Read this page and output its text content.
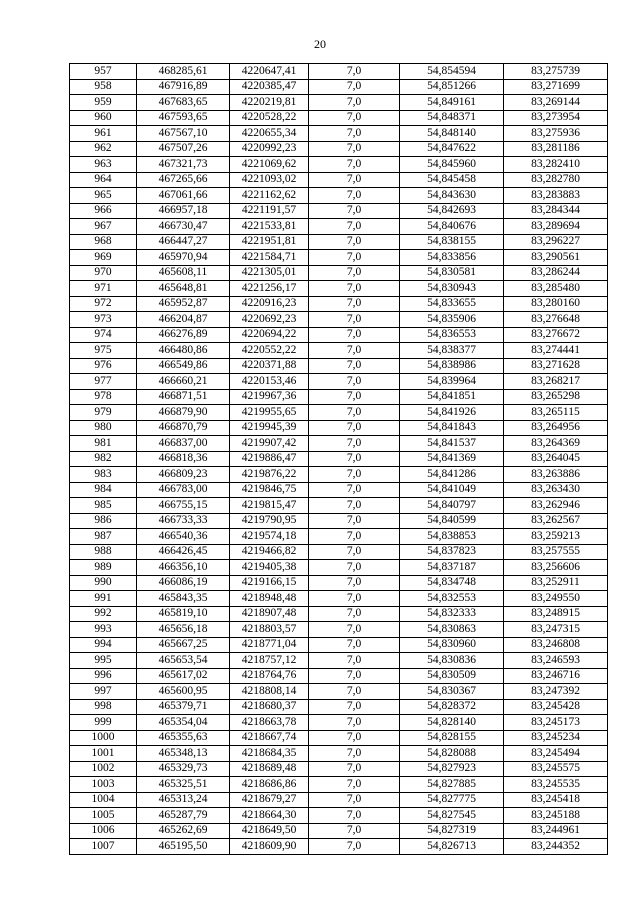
20
957	468285,61	4220647,41	7,0	54,854594	83,275739
958	467916,89	4220385,47	7,0	54,851266	83,271699
959	467683,65	4220219,81	7,0	54,849161	83,269144
960	467593,65	4220528,22	7,0	54,848371	83,273954
961	467567,10	4220655,34	7,0	54,848140	83,275936
962	467507,26	4220992,23	7,0	54,847622	83,281186
963	467321,73	4221069,62	7,0	54,845960	83,282410
964	467265,66	4221093,02	7,0	54,845458	83,282780
965	467061,66	4221162,62	7,0	54,843630	83,283883
966	466957,18	4221191,57	7,0	54,842693	83,284344
967	466730,47	4221533,81	7,0	54,840676	83,289694
968	466447,27	4221951,81	7,0	54,838155	83,296227
969	465970,94	4221584,71	7,0	54,833856	83,290561
970	465608,11	4221305,01	7,0	54,830581	83,286244
971	465648,81	4221256,17	7,0	54,830943	83,285480
972	465952,87	4220916,23	7,0	54,833655	83,280160
973	466204,87	4220692,23	7,0	54,835906	83,276648
974	466276,89	4220694,22	7,0	54,836553	83,276672
975	466480,86	4220552,22	7,0	54,838377	83,274441
976	466549,86	4220371,88	7,0	54,838986	83,271628
977	466660,21	4220153,46	7,0	54,839964	83,268217
978	466871,51	4219967,36	7,0	54,841851	83,265298
979	466879,90	4219955,65	7,0	54,841926	83,265115
980	466870,79	4219945,39	7,0	54,841843	83,264956
981	466837,00	4219907,42	7,0	54,841537	83,264369
982	466818,36	4219886,47	7,0	54,841369	83,264045
983	466809,23	4219876,22	7,0	54,841286	83,263886
984	466783,00	4219846,75	7,0	54,841049	83,263430
985	466755,15	4219815,47	7,0	54,840797	83,262946
986	466733,33	4219790,95	7,0	54,840599	83,262567
987	466540,36	4219574,18	7,0	54,838853	83,259213
988	466426,45	4219466,82	7,0	54,837823	83,257555
989	466356,10	4219405,38	7,0	54,837187	83,256606
990	466086,19	4219166,15	7,0	54,834748	83,252911
991	465843,35	4218948,48	7,0	54,832553	83,249550
992	465819,10	4218907,48	7,0	54,832333	83,248915
993	465656,18	4218803,57	7,0	54,830863	83,247315
994	465667,25	4218771,04	7,0	54,830960	83,246808
995	465653,54	4218757,12	7,0	54,830836	83,246593
996	465617,02	4218764,76	7,0	54,830509	83,246716
997	465600,95	4218808,14	7,0	54,830367	83,247392
998	465379,71	4218680,37	7,0	54,828372	83,245428
999	465354,04	4218663,78	7,0	54,828140	83,245173
1000	465355,63	4218667,74	7,0	54,828155	83,245234
1001	465348,13	4218684,35	7,0	54,828088	83,245494
1002	465329,73	4218689,48	7,0	54,827923	83,245575
1003	465325,51	4218686,86	7,0	54,827885	83,245535
1004	465313,24	4218679,27	7,0	54,827775	83,245418
1005	465287,79	4218664,30	7,0	54,827545	83,245188
1006	465262,69	4218649,50	7,0	54,827319	83,244961
1007	465195,50	4218609,90	7,0	54,826713	83,244352
